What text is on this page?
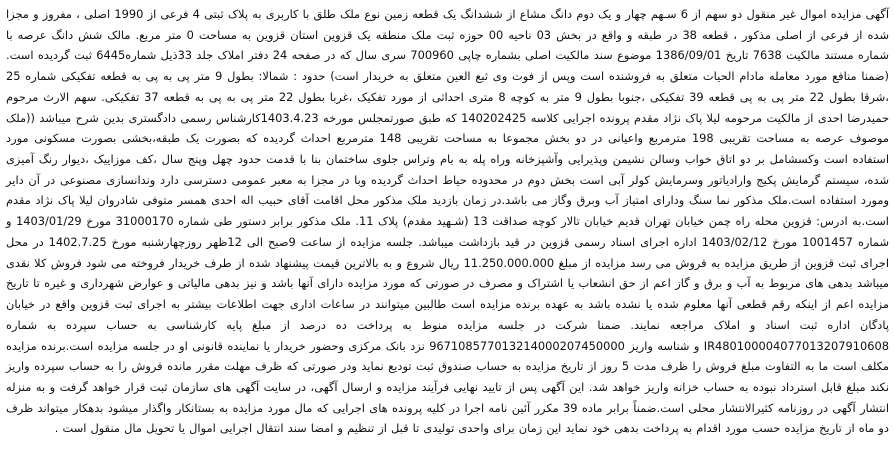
آگهی مزایده اموال غیر منقول دو سهم از 6 سـهم چهار و یک دوم دانگ مشاع از ششدانگ یک قطعه زمین نوع ملک طلق با کاربری به پلاک ثبتی 4 فرعی از 1990 اصلی ، مفروز و مجزا شده از فرعی از اصلی مذکور ، قطعه 38 در طبقه و واقع در بخش 03 ناحیه 00 حوزه ثبت ملک منطقه یک قزوین استان قزوین به مساحت 0 متر مربع. مالک شش دانگ عرصه با شماره مستند مالکیت 7638 تاریخ 1386/09/01 موضوع سند مالکیت اصلی بشماره چاپی 700960 سری سال که در صفحه 24 دفتر املاک جلد 33ذیل شماره6445 ثبت گردیده است.(ضمنا منافع مورد معامله مادام الحیات متعلق به فروشنده است وپس از فوت وی ثبع العین متعلق به خریدار است) حدود : شمالا: بطول 9 متر پی به پی به قطعه تفکیکی شماره 25 ،شرقا بطول 22 متر پی به پی قطعه 39 تفکیکی ،جنوبا بطول 9 متر به کوچه 8 متری احداثی از مورد تفکیک ،غربا بطول 22 متر پی به پی به قطعه 37 تفکیکی. سهم الارث مرحوم حمیدرضا احدی از مالکیت مرحومه لیلا پاک نژاد مقدم پرونده اجرایی کلاسه 140202425 که طبق صورتمجلس مورخه 1403.4.23کارشناس رسمی دادگستری بدین شرح میباشد ((ملک موصوف عرصه به مساحت تقریبی 198 مترمربع واعیانی در دو بخش مجموعا به مساحت تقریبی 148 مترمربع احداث گردیده که بصورت یک طبقه،بخشی بصورت مسکونی مورد استفاده است وکسشامل بر دو اتاق خواب وسالن نشیمن وپذیرایی وآشپزخانه وراه پله به بام وتراس جلوی ساختمان بنا با قدمت حدود چهل وپنج سال ،کف موزاییک ،دیوار رنگ آمیزی شده، سیستم گرمایش پکیج وارادیاتور وسرمایش کولر آبی است بخش دوم در محدوده حیاط احداث گردیده وبا در مجزا به معبر عمومی دسترسی دارد وندانسازی مصنوعی در آن دایر ومورد استفاده است.ملک مذکور نما سنگ ودارای امتیاز آب وبرق وگاز می باشد.در زمان بازدید ملک مذکور محل اقامت آقای حبیب اله احدی همسر متوفی شادروان لیلا پاک نژاد مقدم است.به ادرس: قزوین محله راه چمن خیابان تهران قدیم خیابان تالار کوچه صداقت 13 (شـهید مقدم) پلاک 11. ملک مذکور برابر دستور طی شماره 31000170 مورخ 1403/01/29 و شماره 1001457 مورخ 1403/02/12 اداره اجرای اسناد رسمی قزوین در قید بازداشت میباشد. جلسه مزایده از ساعت 9صبح الی 12ظهر روزچهارشنبه مورخ 1402.7.25 در محل اجرای ثبت قزوین از طریق مزایده به فروش می رسد مزایده از مبلغ 11.250.000.000 ریال شروع و به بالاترین قیمت پیشنهاد شده از طرف خریدار فروخته می شود فروش کلا نقدی میباشد بدهی های مربوط به آب و برق و گاز اعم از حق انشعاب یا اشتراک و مصرف در صورتی که مورد مزایده دارای آنها باشد و نیز بدهی مالیاتی و عوارض شهرداری و غیره تا تاریخ مزایده اعم از اینکه رقم قطعی آنها معلوم شده یا نشده باشد به عهده برنده مزایده است طالبین میتوانند در ساعات اداری جهت اطلاعات بیشتر به اجرای ثبت قزوین واقع در خیابان پادگان اداره ثبت اسناد و املاک مراجعه نمایند. ضمنا شرکت در جلسه مزایده منوط به پرداخت ده درصد از مبلغ پایه کارشناسی به حساب سپرده به شماره IR480100004077013207910608 و شناسه واریز 967108577013214000207450000 نزد بانک مرکزی وحضور خریدار یا نماینده قانونی او در جلسه مزایده است.برنده مزایده مکلف است ما به التفاوت مبلغ فروش را ظرف مدت 5 روز از تاریخ مزایده به حساب صندوق ثبت تودیع نماید ودر صورتی که ظرف مهلت مقرر مانده فروش را به حساب سپرده واریز نکند مبلغ قابل استرداد نبوده به حساب خزانه واریز خواهد شد. این آگهی پس از تایید نهایی فرآیند مزایده و ارسال آگهی، در سایت آگهی های سازمان ثبت قرار خواهد گرفت و به منزله انتشار آگهی در روزنامه کثیرالانتشار محلی است.ضمناً برابر ماده 39 مکرر آئین نامه اجرا در کلیه پرونده های اجرایی که مال مورد مزایده به بستانکار واگذار میشود بدهکار میتواند ظرف دو ماه از تاریخ مزایده حسب مورد اقدام به پرداخت بدهی خود نماید این زمان برای واحدی تولیدی تا قبل از تنظیم و امضا سند انتقال اجرایی اموال یا تحویل مال منقول است .
